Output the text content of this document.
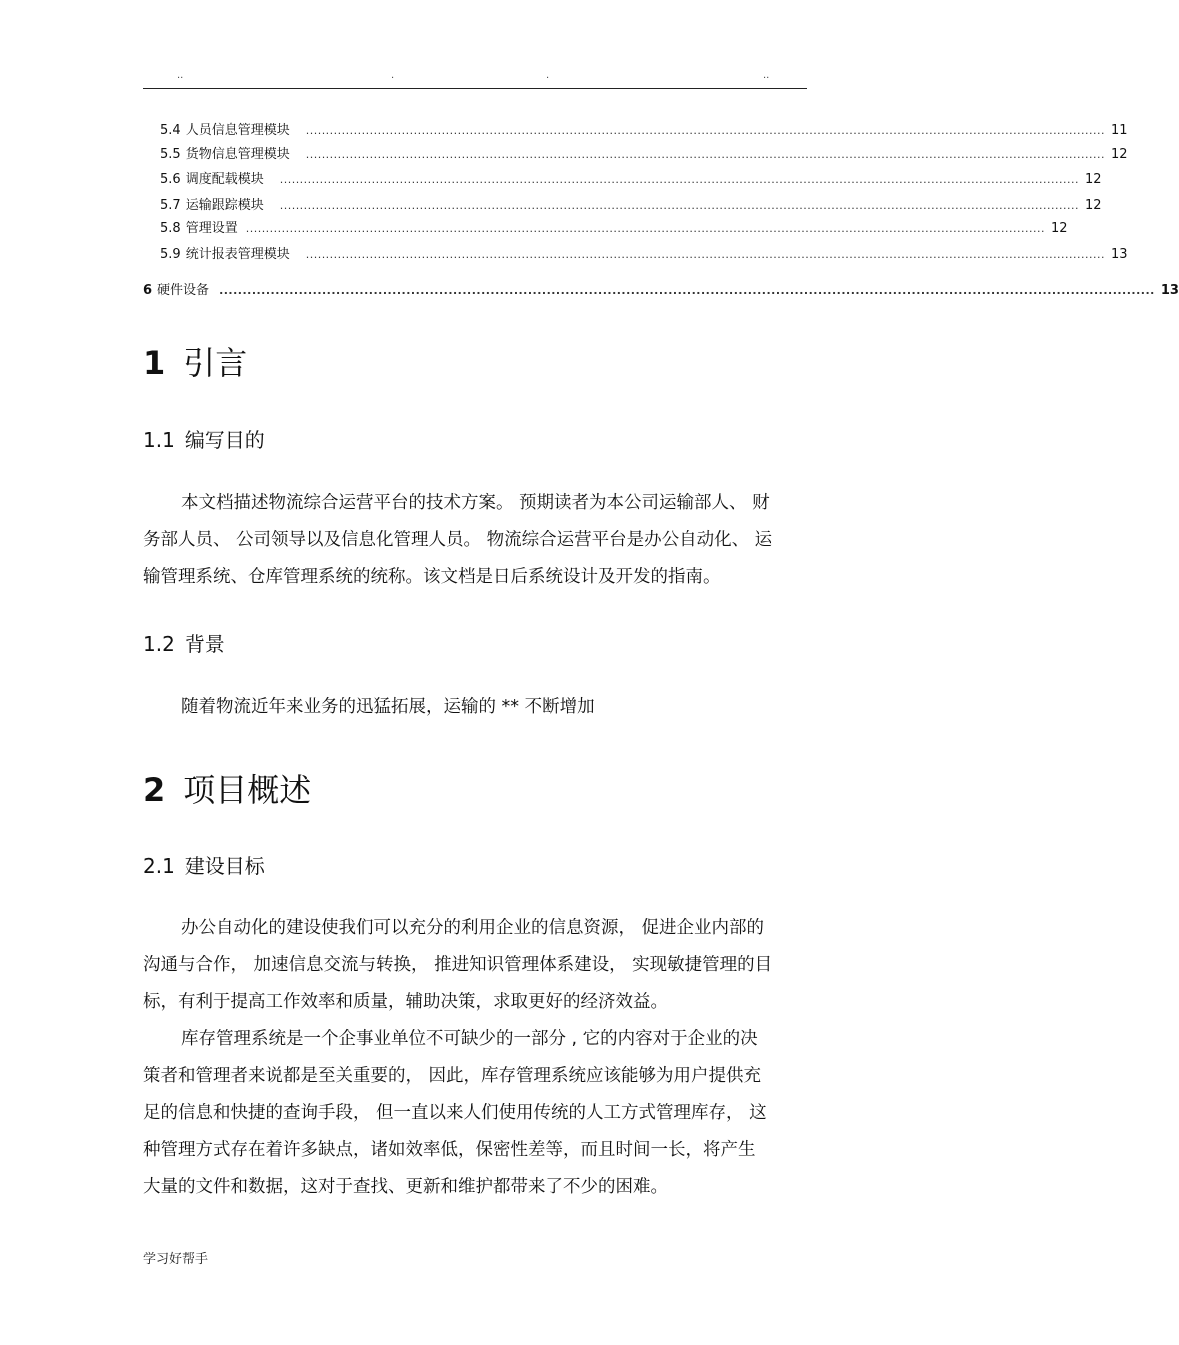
..	.	.	..
5.4 人员信息管理模块 ........................................................................................................................................................................................................ 11
5.5 货物信息管理模块 ........................................................................................................................................................................................................ 12
5.6 调度配载模块 ........................................................................................................................................................................................................ 12
5.7 运输跟踪模块 ........................................................................................................................................................................................................ 12
5.8 管理设置 ........................................................................................................................................................................................................ 12
5.9 统计报表管理模块 ........................................................................................................................................................................................................ 13
6 硬件设备 ........................................................................................................................................................................................................ 13
1 引言
1.1 编写目的
本文档描述物流综合运营平台的技术方案。 预期读者为本公司运输部人、 财
务部人员、 公司领导以及信息化管理人员。 物流综合运营平台是办公自动化、 运
输管理系统、仓库管理系统的统称。该文档是日后系统设计及开发的指南。
1.2 背景
随着物流近年来业务的迅猛拓展，运输的 ** 不断增加
2 项目概述
2.1 建设目标
办公自动化的建设使我们可以充分的利用企业的信息资源， 促进企业内部的
沟通与合作， 加速信息交流与转换， 推进知识管理体系建设， 实现敏捷管理的目
标，有利于提高工作效率和质量，辅助决策，求取更好的经济效益。
库存管理系统是一个企事业单位不可缺少的一部分 , 它的内容对于企业的决
策者和管理者来说都是至关重要的， 因此，库存管理系统应该能够为用户提供充
足的信息和快捷的查询手段， 但一直以来人们使用传统的人工方式管理库存， 这
种管理方式存在着许多缺点，诸如效率低，保密性差等，而且时间一长，将产生
大量的文件和数据，这对于查找、更新和维护都带来了不少的困难。
学习好帮手
